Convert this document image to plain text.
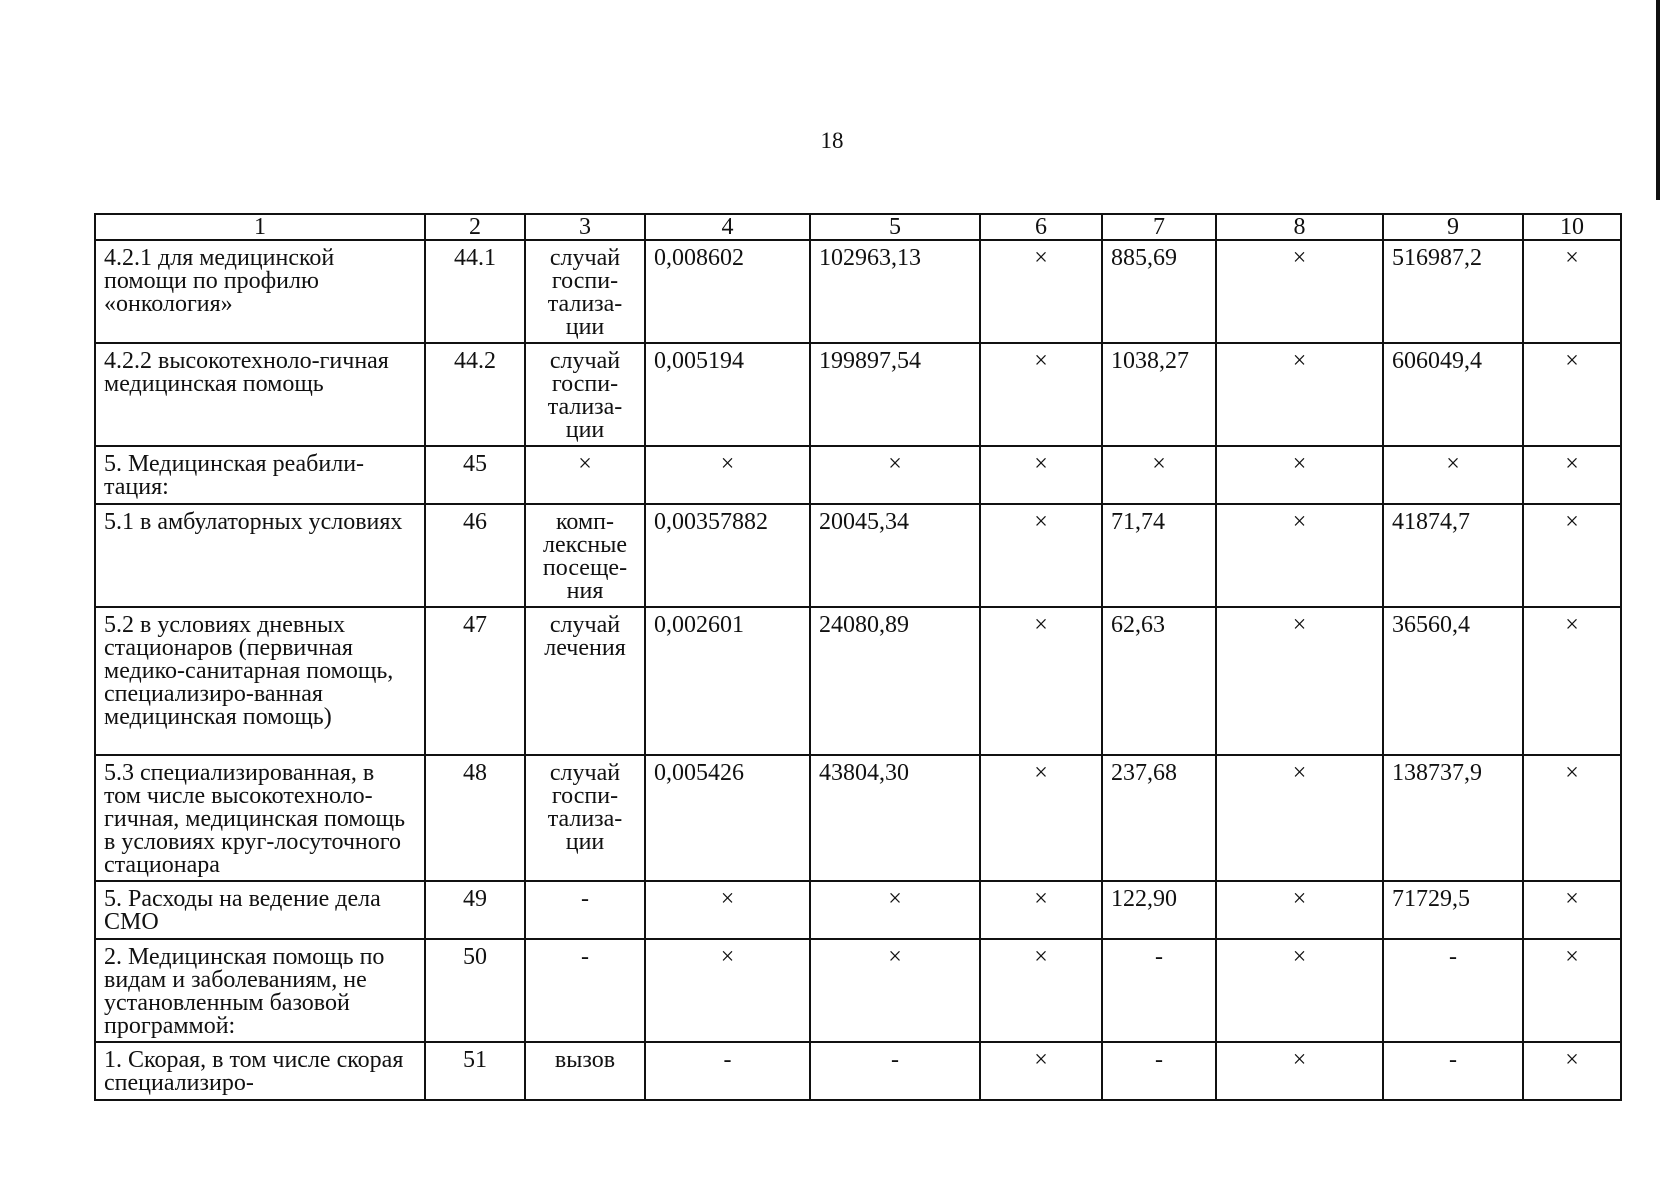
18
1	2	3	4	5	6	7	8	9	10
4.2.1 для медицинской помощи по профилю «онкология»	44.1	случай госпи-тализа-ции	0,008602	102963,13	×	885,69	×	516987,2	×
4.2.2 высокотехноло-гичная медицинская помощь	44.2	случай госпи-тализа-ции	0,005194	199897,54	×	1038,27	×	606049,4	×
5. Медицинская реабили-тация:	45	×	×	×	×	×	×	×	×
5.1 в амбулаторных условиях	46	комп-лексные посеще-ния	0,00357882	20045,34	×	71,74	×	41874,7	×
5.2 в условиях дневных стационаров (первичная медико-санитарная помощь, специализиро-ванная медицинская помощь)	47	случай лечения	0,002601	24080,89	×	62,63	×	36560,4	×
5.3 специализированная, в том числе высокотехноло-гичная, медицинская помощь в условиях круг-лосуточного стационара	48	случай госпи-тализа-ции	0,005426	43804,30	×	237,68	×	138737,9	×
5. Расходы на ведение дела СМО	49	-	×	×	×	122,90	×	71729,5	×
2. Медицинская помощь по видам и заболеваниям, не установленным базовой программой:	50	-	×	×	×	-	×	-	×
1. Скорая, в том числе скорая специализиро-	51	вызов	-	-	×	-	×	-	×
